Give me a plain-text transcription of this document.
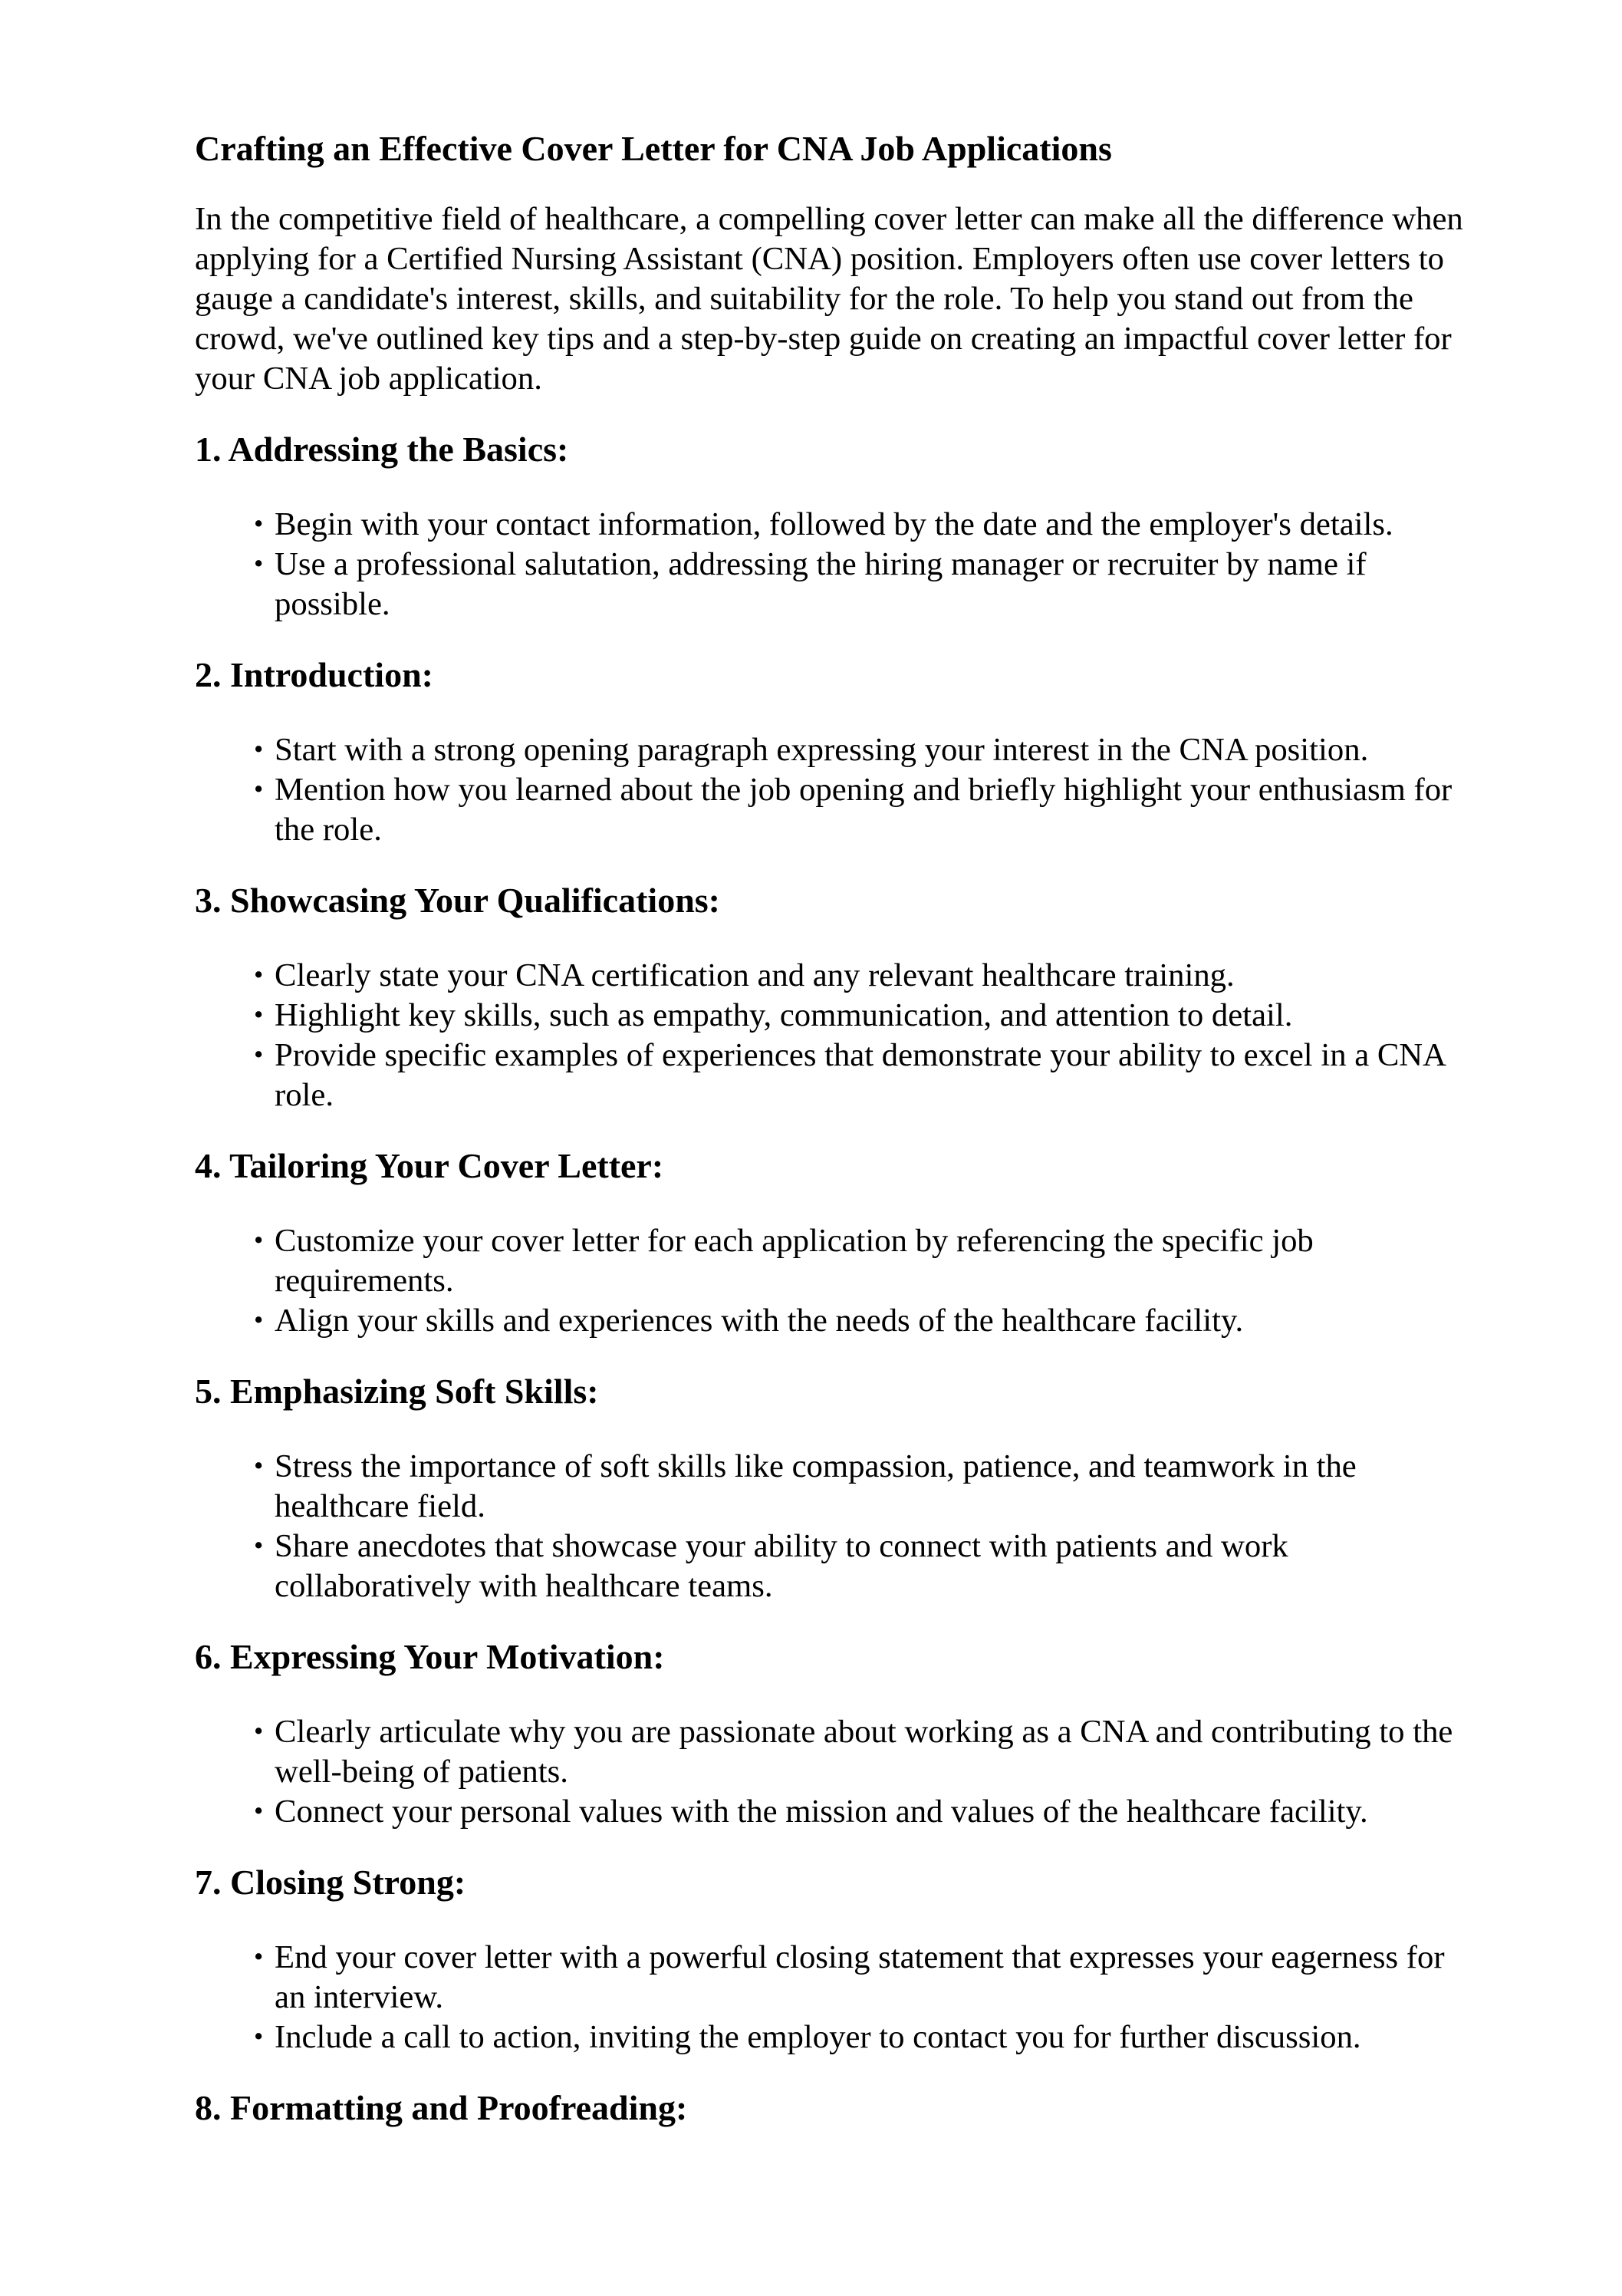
Crafting an Effective Cover Letter for CNA Job Applications

In the competitive field of healthcare, a compelling cover letter can make all the difference when applying for a Certified Nursing Assistant (CNA) position. Employers often use cover letters to gauge a candidate's interest, skills, and suitability for the role. To help you stand out from the crowd, we've outlined key tips and a step-by-step guide on creating an impactful cover letter for your CNA job application.

1. Addressing the Basics:
• Begin with your contact information, followed by the date and the employer's details.
• Use a professional salutation, addressing the hiring manager or recruiter by name if possible.
2. Introduction:
• Start with a strong opening paragraph expressing your interest in the CNA position.
• Mention how you learned about the job opening and briefly highlight your enthusiasm for the role.
3. Showcasing Your Qualifications:
• Clearly state your CNA certification and any relevant healthcare training.
• Highlight key skills, such as empathy, communication, and attention to detail.
• Provide specific examples of experiences that demonstrate your ability to excel in a CNA role.
4. Tailoring Your Cover Letter:
• Customize your cover letter for each application by referencing the specific job requirements.
• Align your skills and experiences with the needs of the healthcare facility.
5. Emphasizing Soft Skills:
• Stress the importance of soft skills like compassion, patience, and teamwork in the healthcare field.
• Share anecdotes that showcase your ability to connect with patients and work collaboratively with healthcare teams.
6. Expressing Your Motivation:
• Clearly articulate why you are passionate about working as a CNA and contributing to the well-being of patients.
• Connect your personal values with the mission and values of the healthcare facility.
7. Closing Strong:
• End your cover letter with a powerful closing statement that expresses your eagerness for an interview.
• Include a call to action, inviting the employer to contact you for further discussion.
8. Formatting and Proofreading:
